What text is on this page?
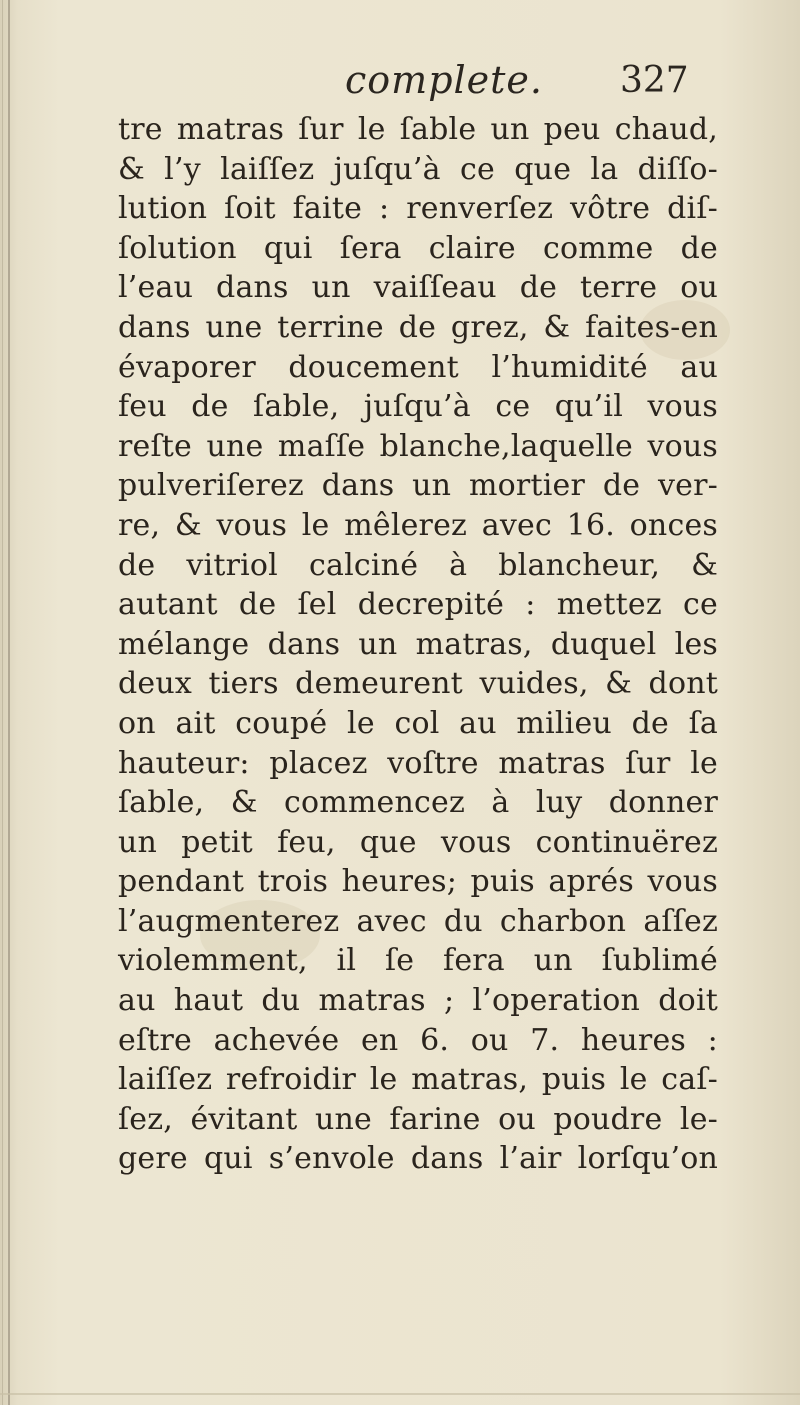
complete. 327
tre matras ſur le ſable un peu chaud,
& l’y laiſſez juſqu’à ce que la diſſo-
lution ſoit faite : renverſez vôtre diſ-
ſolution qui ſera claire comme de
l’eau dans un vaiſſeau de terre ou
dans une terrine de grez, & faites-en
évaporer doucement l’humidité au
feu de ſable, juſqu’à ce qu’il vous
reſte une maſſe blanche,laquelle vous
pulveriſerez dans un mortier de ver-
re, & vous le mêlerez avec 16. onces
de vitriol calciné à blancheur, &
autant de ſel decrepité : mettez ce
mélange dans un matras, duquel les
deux tiers demeurent vuides, & dont
on ait coupé le col au milieu de ſa
hauteur: placez voſtre matras ſur le
ſable, & commencez à luy donner
un petit feu, que vous continuërez
pendant trois heures; puis aprés vous
l’augmenterez avec du charbon aſſez
violemment, il ſe fera un ſublimé
au haut du matras ; l’operation doit
eſtre achevée en 6. ou 7. heures :
laiſſez refroidir le matras, puis le caſ-
ſez, évitant une farine ou poudre le-
gere qui s’envole dans l’air lorſqu’on
